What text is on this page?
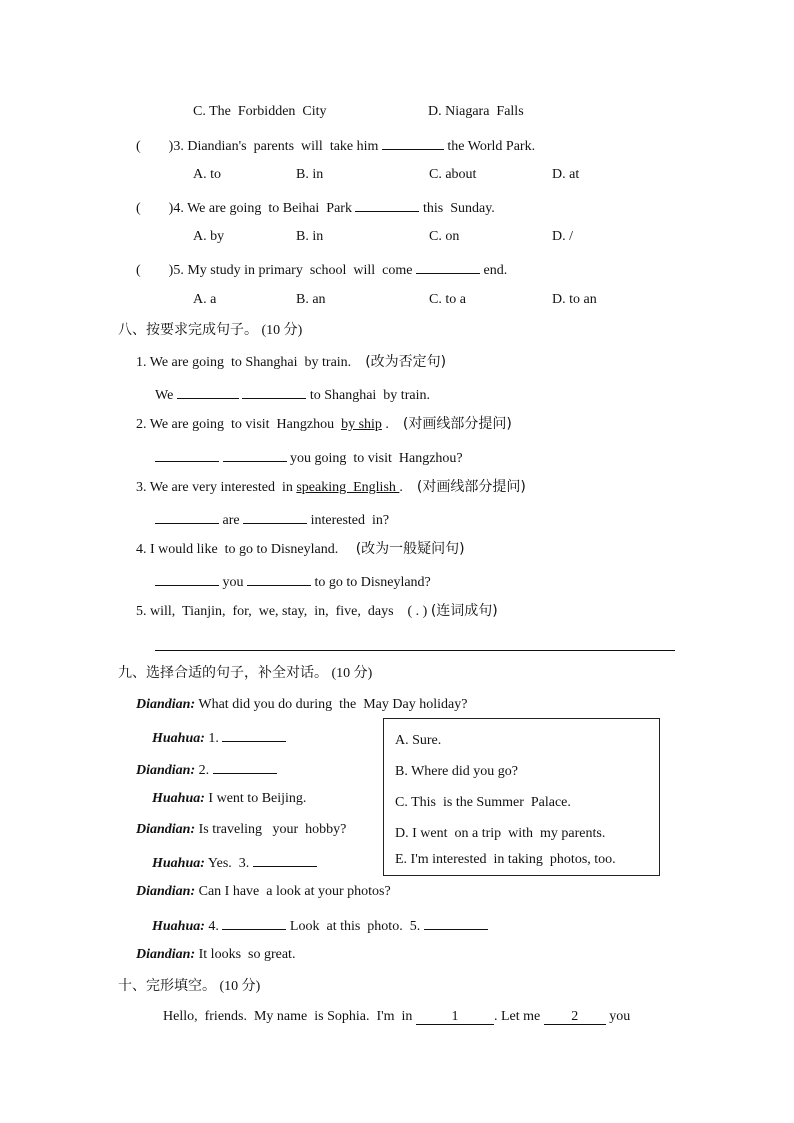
C. The  Forbidden  City	D. Niagara  Falls
(        )3. Diandian's  parents  will  take him	the World Park.
A. to	B. in	C. about	D. at
(        )4. We are going  to Beihai  Park	this  Sunday.
A. by	B. in	C. on	D. /
(        )5. My study in primary  school  will  come	end.
A. a	B. an	C. to a	D. to an
八、按要求完成句子。 (10 分)
1. We are going  to Shanghai  by train. (改为否定句)
We	to Shanghai  by train.
2. We are going  to visit  Hangzhou  by ship . (对画线部分提问)
you going  to visit  Hangzhou?
3. We are very interested  in speaking  English . (对画线部分提问)
are	interested  in?
4. I would like  to go to Disneyland. (改为一般疑问句)
you	to go to Disneyland?
5. will,  Tianjin,  for,  we, stay,  in,  five,  days    ( . ) (连词成句)
九、选择合适的句子，补全对话。 (10 分)
Diandian: What did you do during  the  May Day holiday?
Huahua: 1.
Diandian: 2.
Huahua: I went to Beijing.
Diandian: Is traveling   your  hobby?
Huahua: Yes.  3.
Diandian: Can I have  a look at your photos?
Huahua: 4.	Look  at this  photo.  5.
Diandian: It looks  so great.
A. Sure.
B. Where did you go?
C. This  is the Summer  Palace.
D. I went  on a trip  with  my parents.
E. I'm interested  in taking  photos, too.
十、完形填空。 (10 分)
Hello,  friends.  My name  is Sophia.  I'm  in	1	. Let me 2 you
